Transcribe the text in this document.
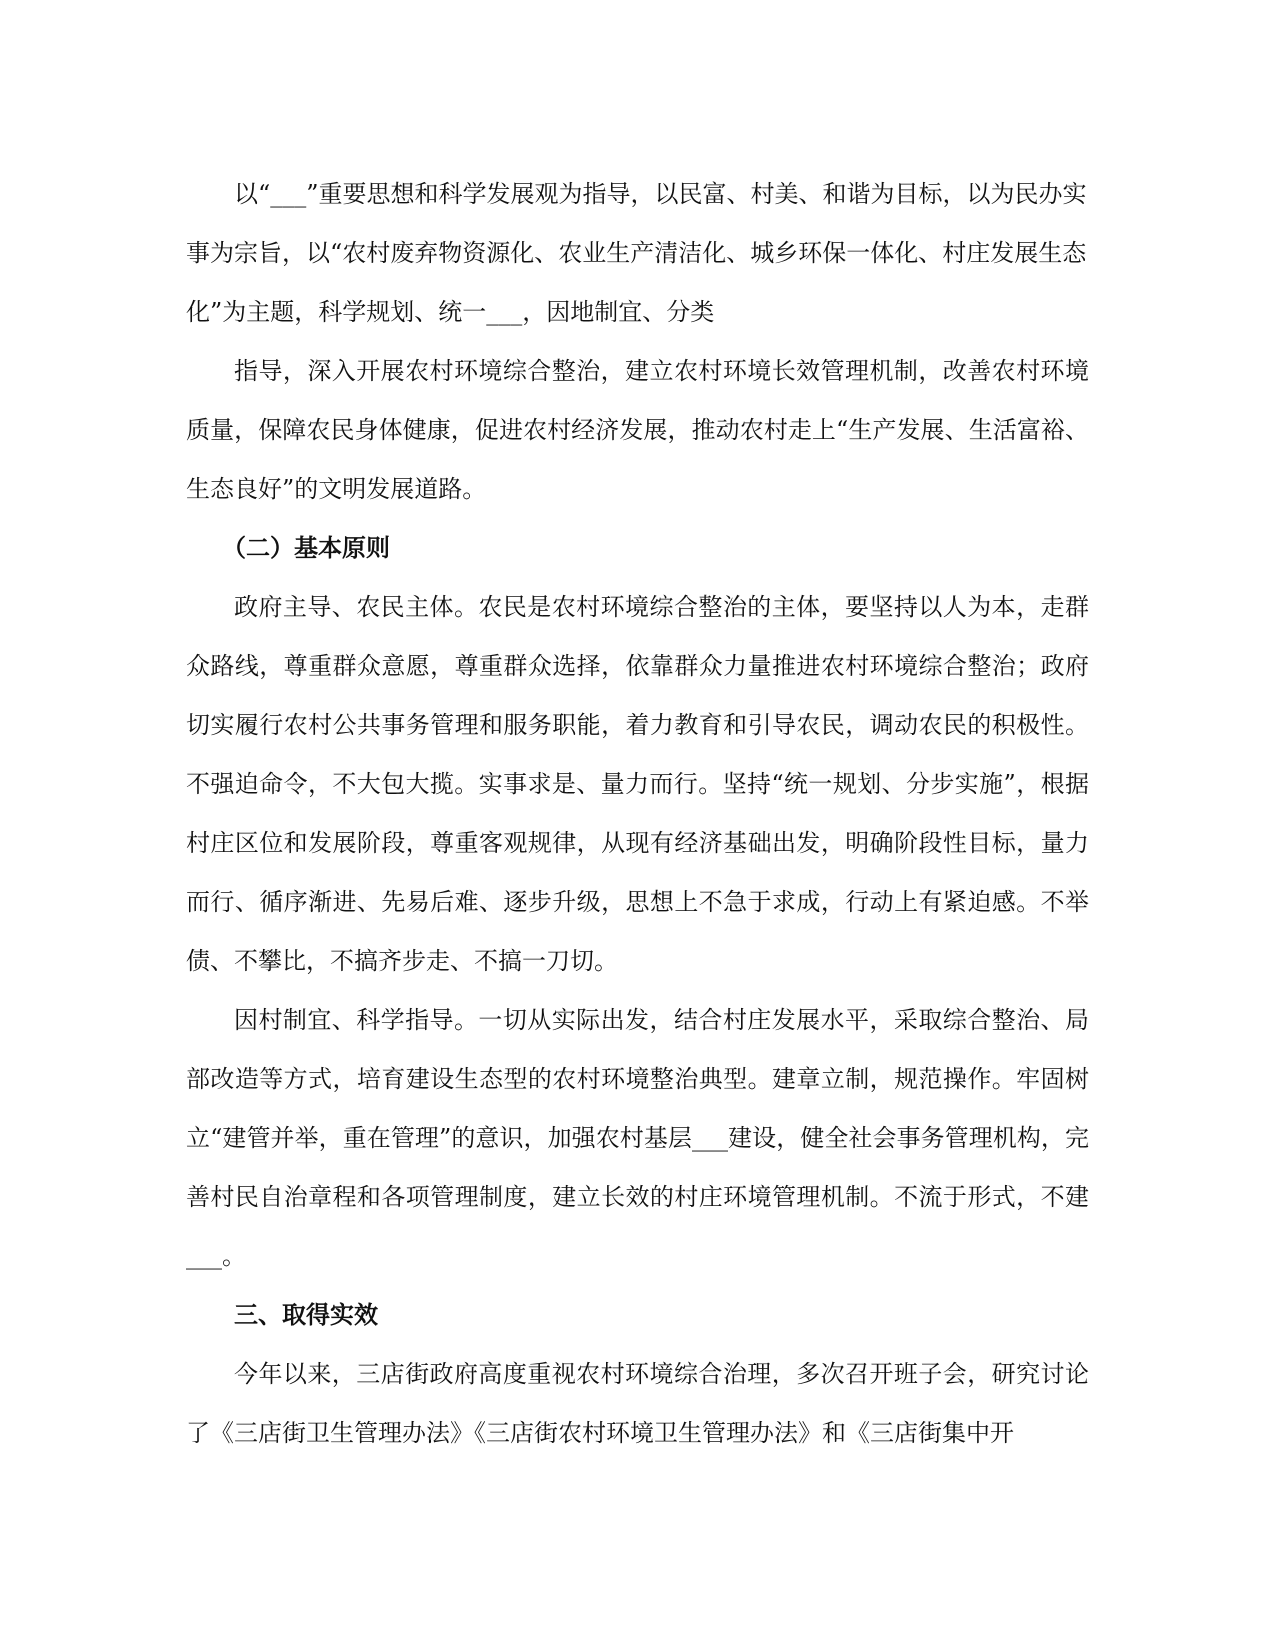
以“___”重要思想和科学发展观为指导，以民富、村美、和谐为目标，以为民办实事为宗旨，以“农村废弃物资源化、农业生产清洁化、城乡环保一体化、村庄发展生态化”为主题，科学规划、统一___，因地制宜、分类

指导，深入开展农村环境综合整治，建立农村环境长效管理机制，改善农村环境质量，保障农民身体健康，促进农村经济发展，推动农村走上“生产发展、生活富裕、生态良好”的文明发展道路。

（二）基本原则

政府主导、农民主体。农民是农村环境综合整治的主体，要坚持以人为本，走群众路线，尊重群众意愿，尊重群众选择，依靠群众力量推进农村环境综合整治；政府切实履行农村公共事务管理和服务职能，着力教育和引导农民，调动农民的积极性。不强迫命令，不大包大揽。实事求是、量力而行。坚持“统一规划、分步实施”，根据村庄区位和发展阶段，尊重客观规律，从现有经济基础出发，明确阶段性目标，量力而行、循序渐进、先易后难、逐步升级，思想上不急于求成，行动上有紧迫感。不举债、不攀比，不搞齐步走、不搞一刀切。

因村制宜、科学指导。一切从实际出发，结合村庄发展水平，采取综合整治、局部改造等方式，培育建设生态型的农村环境整治典型。建章立制，规范操作。牢固树立“建管并举，重在管理”的意识，加强农村基层___建设，健全社会事务管理机构，完善村民自治章程和各项管理制度，建立长效的村庄环境管理机制。不流于形式，不建___。

三、取得实效

今年以来，三店街政府高度重视农村环境综合治理，多次召开班子会，研究讨论了《三店街卫生管理办法》《三店街农村环境卫生管理办法》和《三店街集中开
